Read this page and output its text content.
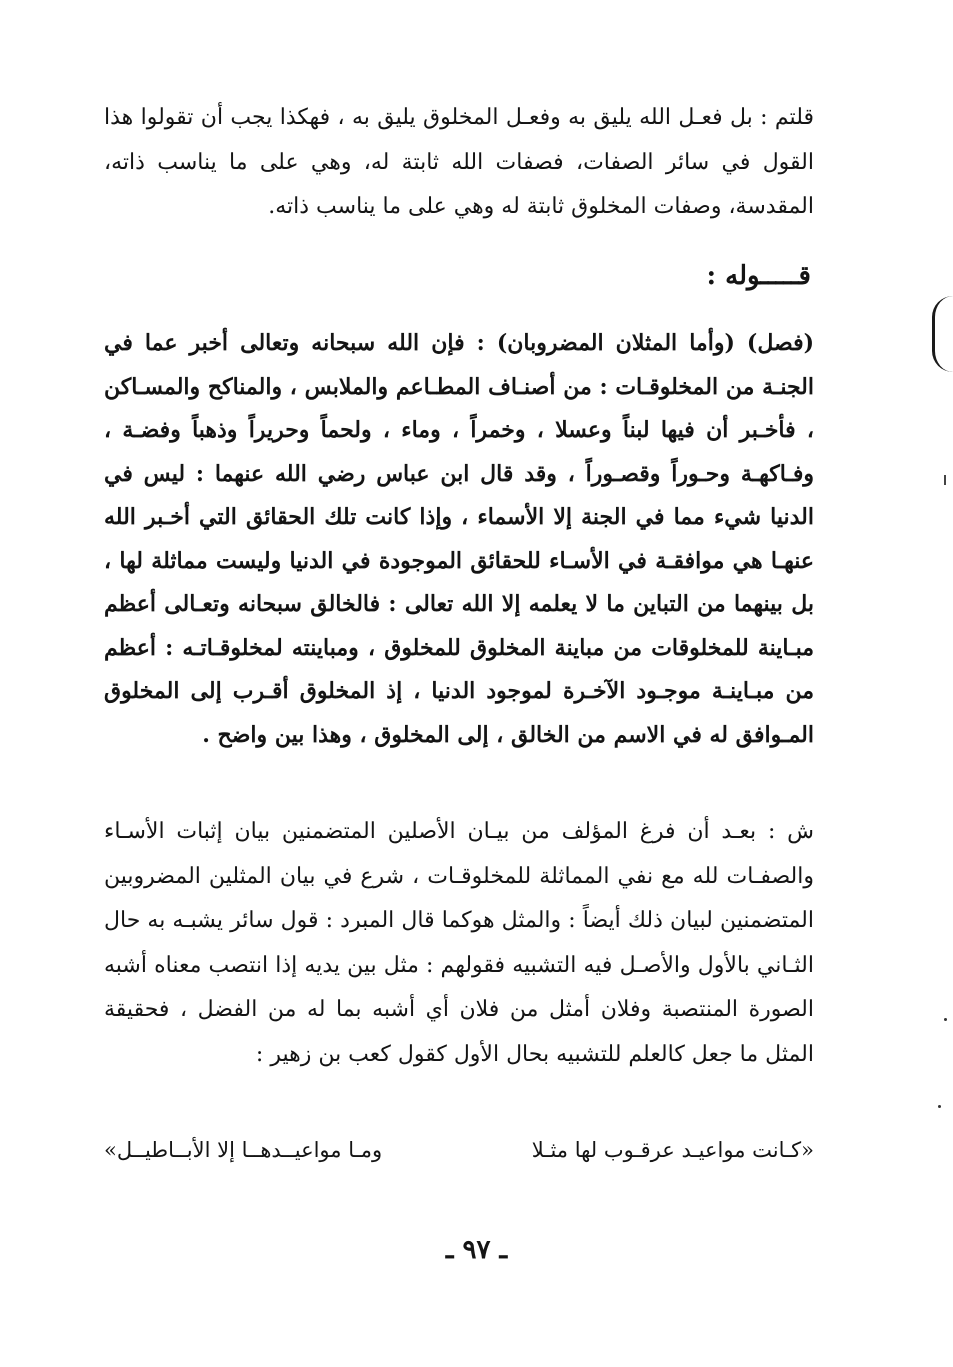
قلتم : بل فعـل الله يليق به وفعـل المخلوق يليق به ، فهكذا يجب أن تقولوا هذا القول في سائر الصفات، فصفات الله ثابتة له، وهي على ما يناسب ذاته، المقدسة، وصفات المخلوق ثابتة له وهي على ما يناسب ذاته.

قـــــوله :

(فصل) (وأما المثلان المضروبان) : فإن الله سبحانه وتعالى أخبر عما في الجنـة من المخلوقـات : من أصنـاف المطـاعم والملابس ، والمناكح والمسـاكن ، فأخـبر أن فيها لبناً وعسلا ، وخمراً ، وماء ، ولحماً وحريراً وذهباً وفضـة ، وفـاكهـة وحـوراً وقصـوراً ، وقد قال ابن عباس رضي الله عنهما : ليس في الدنيا شيء مما في الجنة إلا الأسماء ، وإذا كانت تلك الحقائق التي أخـبر الله عنهـا هي موافقـة في الأسـاء للحقائق الموجودة في الدنيا وليست مماثلة لها ، بل بينهما من التباين ما لا يعلمه إلا الله تعالى : فالخالق سبحانه وتعـالى أعظم مبـاينة للمخلوقات من مباينة المخلوق للمخلوق ، ومباينته لمخلوقـاتـه : أعظم من مبـاينـة موجـود الآخـرة لموجود الدنيا ، إذ المخلوق أقـرب إلى المخلوق المـوافق له في الاسم من الخالق ، إلى المخلوق ، وهذا بين واضح .

ش : بعـد أن فرغ المؤلف من بيـان الأصلين المتضمنين بيان إثبات الأسـاء والصفـات لله مع نفي المماثلة للمخلوقـات ، شرع في بيان المثلين المضروبين المتضمنين لبيان ذلك أيضاً : والمثل هوكما قال المبرد : قول سائر يشبـه به حال الثـاني بالأول والأصـل فيه التشبيه فقولهم : مثل بين يديه إذا انتصب معناه أشبه الصورة المنتصبة وفلان أمثل من فلان أي أشبه بما له من الفضل ، فحقيقة المثل ما جعل كالعلم للتشبيه بحال الأول كقول كعب بن زهير :

«كـانت مواعيـد عرقـوب لها مثـلا
ومـا مواعيــدهــا إلا الأبــاطيــل»
ـ ٩٧ ـ
